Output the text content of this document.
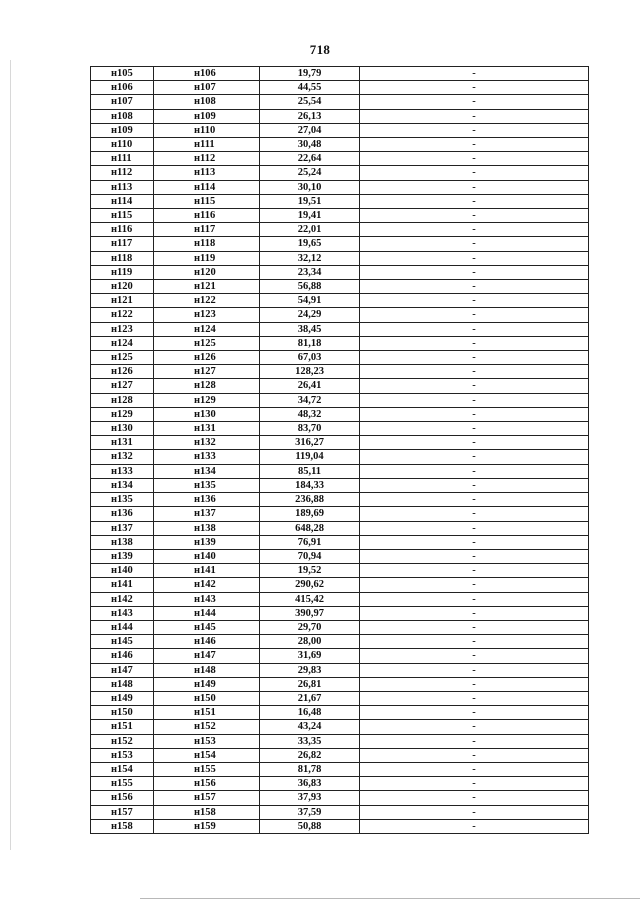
718
н105	н106	19,79	-
н106	н107	44,55	-
н107	н108	25,54	-
н108	н109	26,13	-
н109	н110	27,04	-
н110	н111	30,48	-
н111	н112	22,64	-
н112	н113	25,24	-
н113	н114	30,10	-
н114	н115	19,51	-
н115	н116	19,41	-
н116	н117	22,01	-
н117	н118	19,65	-
н118	н119	32,12	-
н119	н120	23,34	-
н120	н121	56,88	-
н121	н122	54,91	-
н122	н123	24,29	-
н123	н124	38,45	-
н124	н125	81,18	-
н125	н126	67,03	-
н126	н127	128,23	-
н127	н128	26,41	-
н128	н129	34,72	-
н129	н130	48,32	-
н130	н131	83,70	-
н131	н132	316,27	-
н132	н133	119,04	-
н133	н134	85,11	-
н134	н135	184,33	-
н135	н136	236,88	-
н136	н137	189,69	-
н137	н138	648,28	-
н138	н139	76,91	-
н139	н140	70,94	-
н140	н141	19,52	-
н141	н142	290,62	-
н142	н143	415,42	-
н143	н144	390,97	-
н144	н145	29,70	-
н145	н146	28,00	-
н146	н147	31,69	-
н147	н148	29,83	-
н148	н149	26,81	-
н149	н150	21,67	-
н150	н151	16,48	-
н151	н152	43,24	-
н152	н153	33,35	-
н153	н154	26,82	-
н154	н155	81,78	-
н155	н156	36,83	-
н156	н157	37,93	-
н157	н158	37,59	-
н158	н159	50,88	-
